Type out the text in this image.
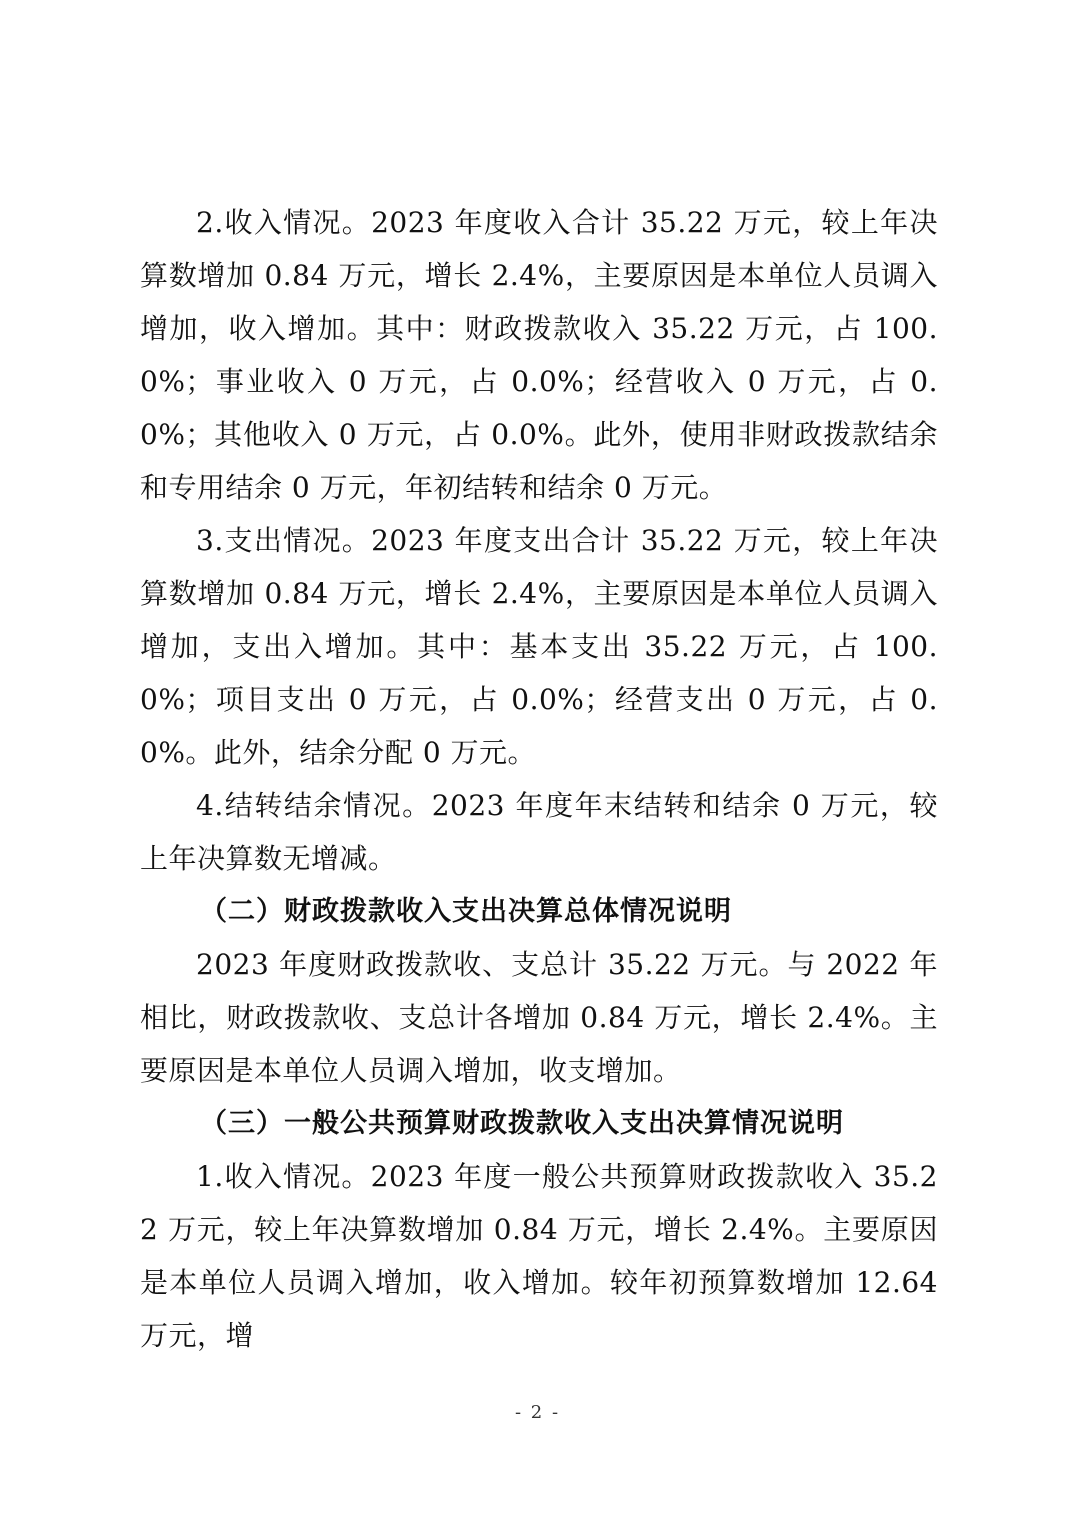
2.收入情况。2023 年度收入合计 35.22 万元，较上年决算数增加 0.84 万元，增长 2.4%，主要原因是本单位人员调入增加，收入增加。其中：财政拨款收入 35.22 万元，占 100.0%；事业收入 0 万元，占 0.0%；经营收入 0 万元，占 0.0%；其他收入 0 万元，占 0.0%。此外，使用非财政拨款结余和专用结余 0 万元，年初结转和结余 0 万元。

3.支出情况。2023 年度支出合计 35.22 万元，较上年决算数增加 0.84 万元，增长 2.4%，主要原因是本单位人员调入增加，支出入增加。其中：基本支出 35.22 万元，占 100.0%；项目支出 0 万元，占 0.0%；经营支出 0 万元，占 0.0%。此外，结余分配 0 万元。

4.结转结余情况。2023 年度年末结转和结余 0 万元，较上年决算数无增减。

（二）财政拨款收入支出决算总体情况说明

2023 年度财政拨款收、支总计 35.22 万元。与 2022 年相比，财政拨款收、支总计各增加 0.84 万元，增长 2.4%。主要原因是本单位人员调入增加，收支增加。

（三）一般公共预算财政拨款收入支出决算情况说明

1.收入情况。2023 年度一般公共预算财政拨款收入 35.22 万元，较上年决算数增加 0.84 万元，增长 2.4%。主要原因是本单位人员调入增加，收入增加。较年初预算数增加 12.64 万元，增

- 2 -
